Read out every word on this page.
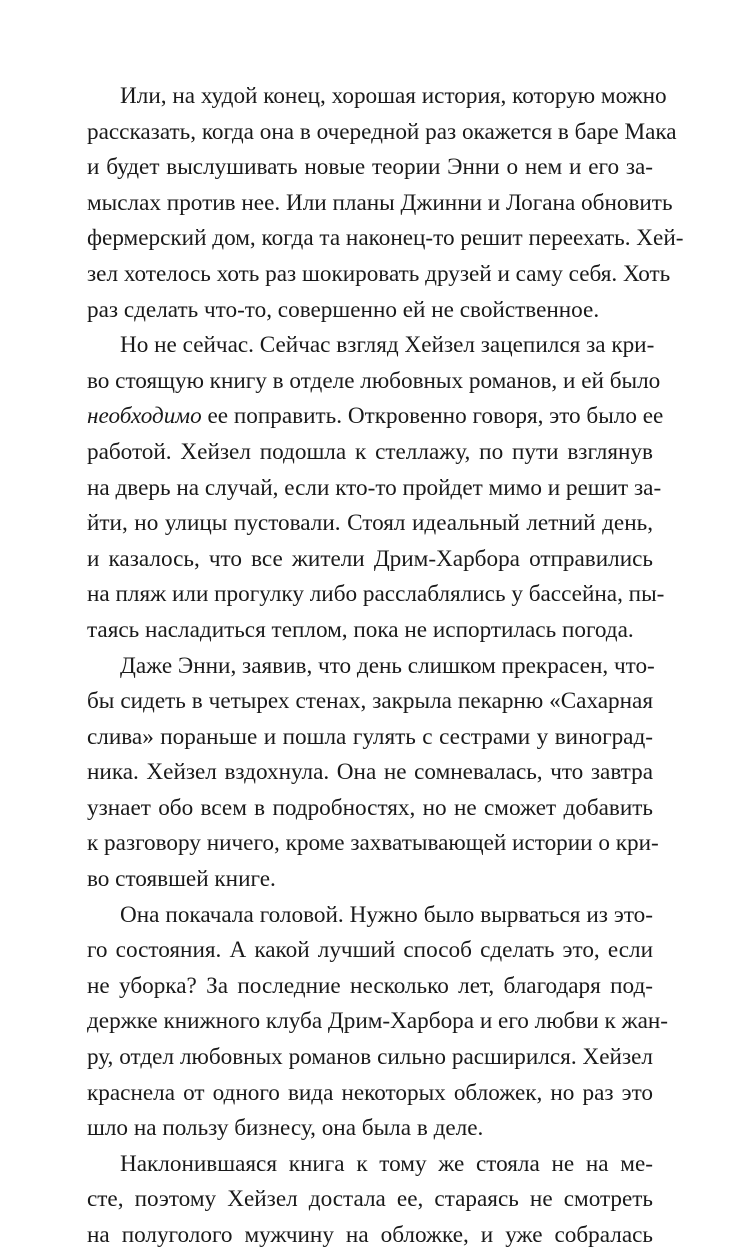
Или, на худой конец, хорошая история, которую можно
рассказать, когда она в очередной раз окажется в баре Мака
и будет выслушивать новые теории Энни о нем и его за-
мыслах против нее. Или планы Джинни и Логана обновить
фермерский дом, когда та наконец-то решит переехать. Хей-
зел хотелось хоть раз шокировать друзей и саму себя. Хоть
раз сделать что-то, совершенно ей не свойственное.
Но не сейчас. Сейчас взгляд Хейзел зацепился за кри-
во стоящую книгу в отделе любовных романов, и ей было
необходимо ее поправить. Откровенно говоря, это было ее
работой. Хейзел подошла к стеллажу, по пути взглянув
на дверь на случай, если кто-то пройдет мимо и решит за-
йти, но улицы пустовали. Стоял идеальный летний день,
и казалось, что все жители Дрим-Харбора отправились
на пляж или прогулку либо расслаблялись у бассейна, пы-
таясь насладиться теплом, пока не испортилась погода.
Даже Энни, заявив, что день слишком прекрасен, что-
бы сидеть в четырех стенах, закрыла пекарню «Сахарная
слива» пораньше и пошла гулять с сестрами у виноград-
ника. Хейзел вздохнула. Она не сомневалась, что завтра
узнает обо всем в подробностях, но не сможет добавить
к разговору ничего, кроме захватывающей истории о кри-
во стоявшей книге.
Она покачала головой. Нужно было вырваться из это-
го состояния. А какой лучший способ сделать это, если
не уборка? За последние несколько лет, благодаря под-
держке книжного клуба Дрим-Харбора и его любви к жан-
ру, отдел любовных романов сильно расширился. Хейзел
краснела от одного вида некоторых обложек, но раз это
шло на пользу бизнесу, она была в деле.
Наклонившаяся книга к тому же стояла не на ме-
сте, поэтому Хейзел достала ее, стараясь не смотреть
на полуголого мужчину на обложке, и уже собралась
